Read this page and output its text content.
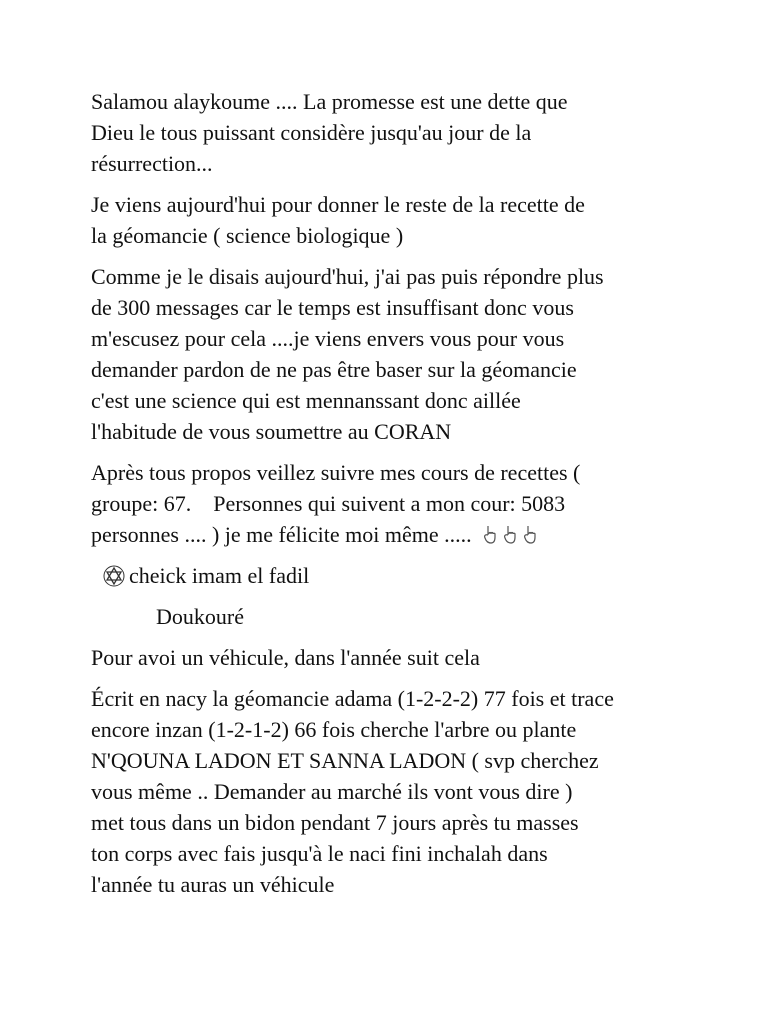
Salamou alaykoume .... La promesse est une dette que
Dieu le tous puissant considère jusqu'au jour de la
résurrection...

Je viens aujourd'hui pour donner le reste de la recette de
la géomancie ( science biologique )

Comme je le disais aujourd'hui, j'ai pas puis répondre plus
de 300 messages car le temps est insuffisant donc vous
m'escusez pour cela ....je viens envers vous pour vous
demander pardon de ne pas être baser sur la géomancie
c'est une science qui est mennanssant donc aillée
l'habitude de vous soumettre au CORAN

Après tous propos veillez suivre mes cours de recettes (
groupe: 67. Personnes qui suivent a mon cour: 5083
personnes .... ) je me félicite moi même .....

cheick imam el fadil
Doukouré

Pour avoi un véhicule, dans l'année suit cela

Écrit en nacy la géomancie adama (1-2-2-2) 77 fois et trace
encore inzan (1-2-1-2) 66 fois cherche l'arbre ou plante
N'QOUNA LADON ET SANNA LADON ( svp cherchez
vous même .. Demander au marché ils vont vous dire )
met tous dans un bidon pendant 7 jours après tu masses
ton corps avec fais jusqu'à le naci fini inchalah dans
l'année tu auras un véhicule
